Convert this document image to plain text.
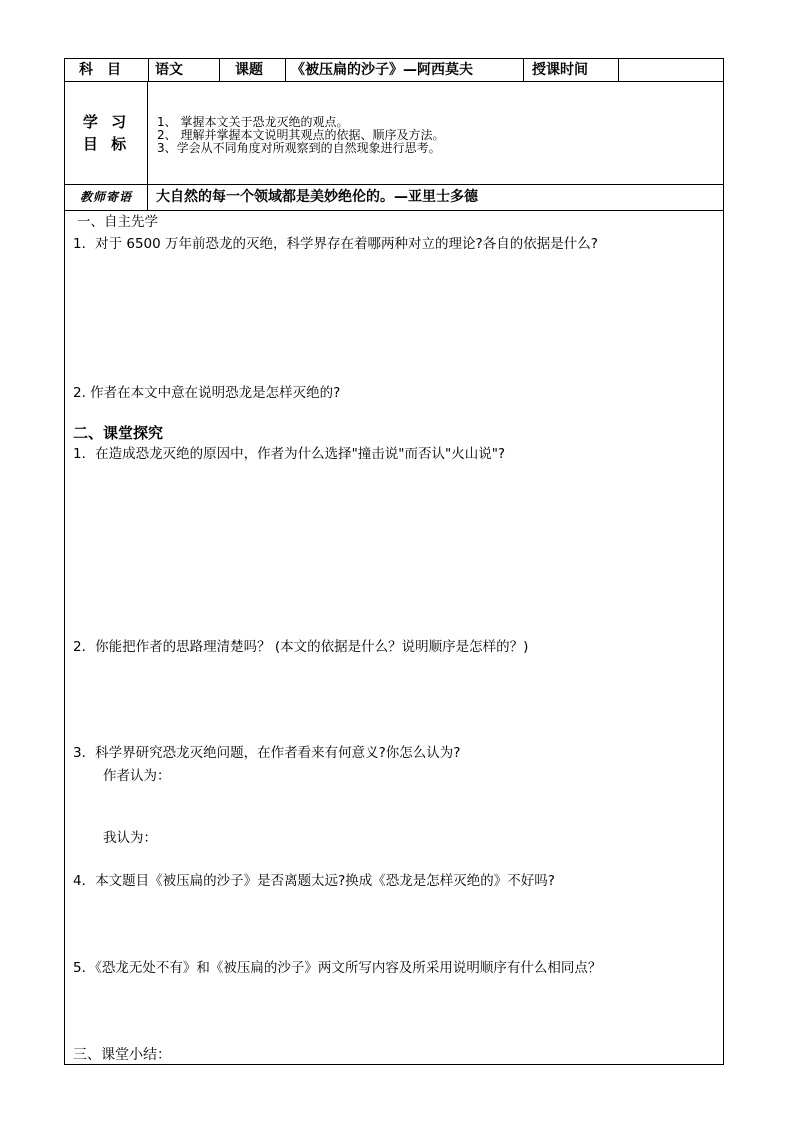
科　目 语文	课题 《被压扁的沙子》—阿西莫夫	授课时间
学 习
目 标
1、 掌握本文关于恐龙灭绝的观点。
2、 理解并掌握本文说明其观点的依据、顺序及方法。
3、学会从不同角度对所观察到的自然现象进行思考。
教师寄语	大自然的每一个领域都是美妙绝伦的。—亚里士多德
一、自主先学
1．对于 6500 万年前恐龙的灭绝，科学界存在着哪两种对立的理论?各自的依据是什么?
2. 作者在本文中意在说明恐龙是怎样灭绝的?
二、课堂探究
1．在造成恐龙灭绝的原因中，作者为什么选择"撞击说"而否认"火山说"?
2．你能把作者的思路理清楚吗？ (本文的依据是什么？说明顺序是怎样的？)
3．科学界研究恐龙灭绝问题，在作者看来有何意义?你怎么认为?
作者认为：
我认为：
4．本文题目《被压扁的沙子》是否离题太远?换成《恐龙是怎样灭绝的》不好吗?
5．《恐龙无处不有》和《被压扁的沙子》两文所写内容及所采用说明顺序有什么相同点？
三、课堂小结：
